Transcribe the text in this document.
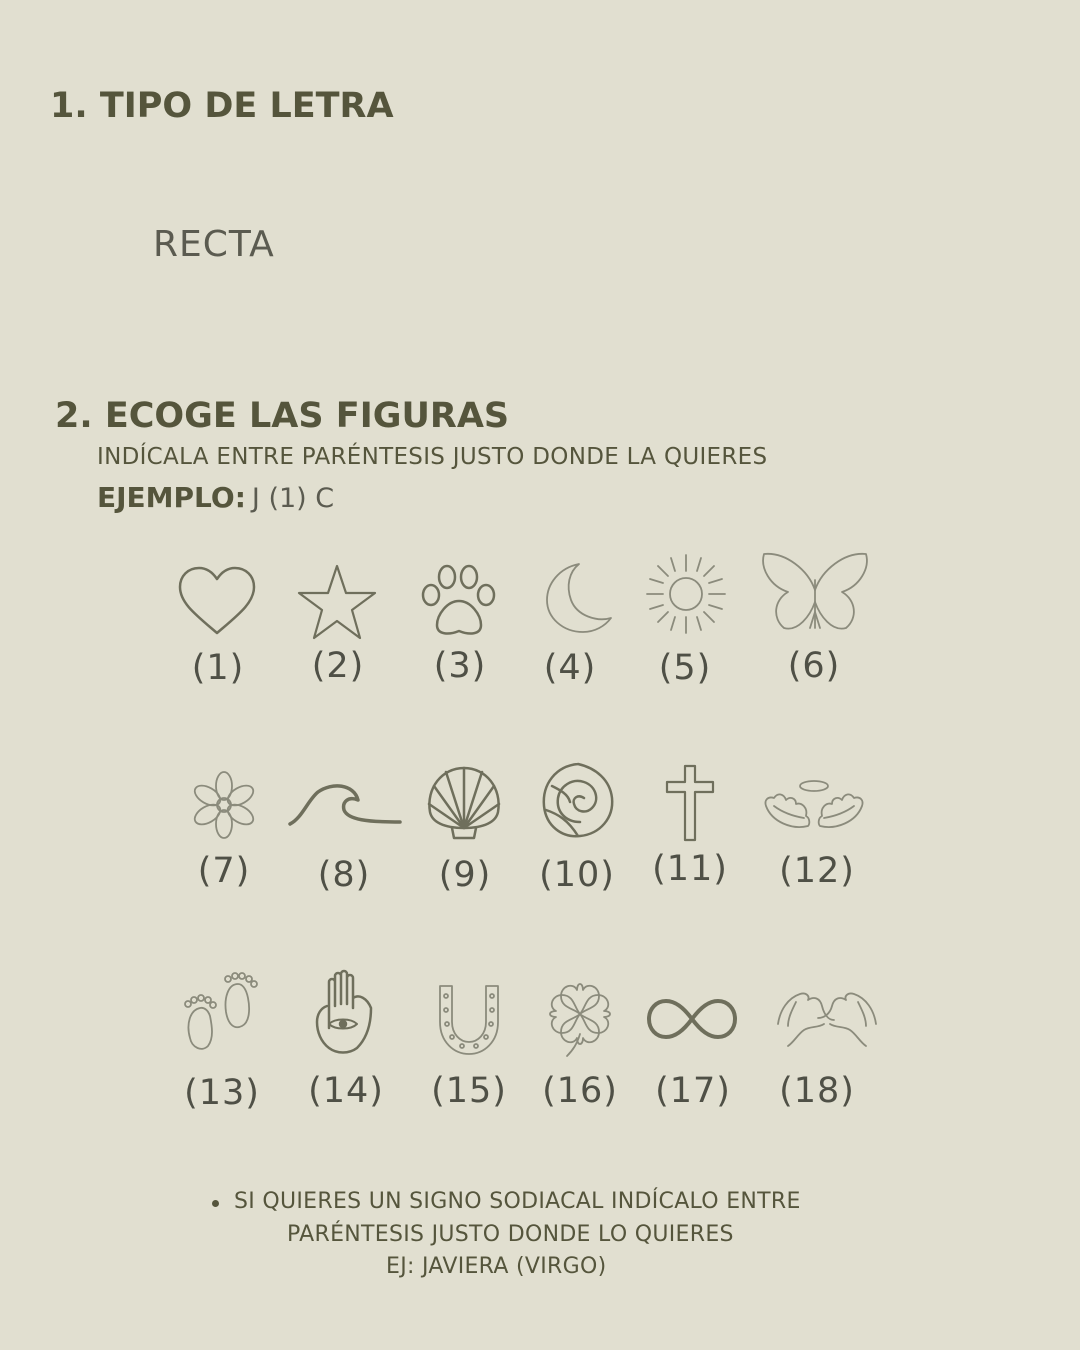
1. TIPO DE LETRA
RECTA
2. ECOGE LAS FIGURAS
INDÍCALA ENTRE PARÉNTESIS JUSTO DONDE LA QUIERES
EJEMPLO: J (1) C
(1)	(2)	(3)	(4)	(5)	(6)
(7)	(8)	(9)	(10)	(11)	(12)
(13)	(14)	(15)	(16)	(17)	(18)
SI QUIERES UN SIGNO SODIACAL INDÍCALO ENTRE
PARÉNTESIS JUSTO DONDE LO QUIERES
EJ: JAVIERA (VIRGO)
